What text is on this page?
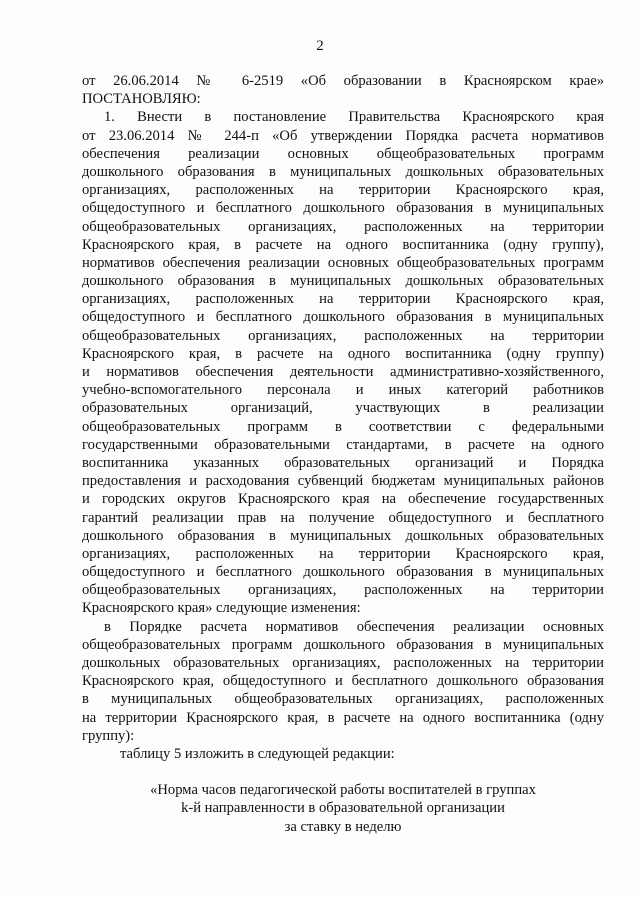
2
от 26.06.2014 № 6-2519 «Об образовании в Красноярском крае»
ПОСТАНОВЛЯЮ:
1. Внести в постановление Правительства Красноярского края
от 23.06.2014 № 244-п «Об утверждении Порядка расчета нормативов
обеспечения реализации основных общеобразовательных программ
дошкольного образования в муниципальных дошкольных образовательных
организациях, расположенных на территории Красноярского края,
общедоступного и бесплатного дошкольного образования в муниципальных
общеобразовательных организациях, расположенных на территории
Красноярского края, в расчете на одного воспитанника (одну группу),
нормативов обеспечения реализации основных общеобразовательных программ
дошкольного образования в муниципальных дошкольных образовательных
организациях, расположенных на территории Красноярского края,
общедоступного и бесплатного дошкольного образования в муниципальных
общеобразовательных организациях, расположенных на территории
Красноярского края, в расчете на одного воспитанника (одну группу)
и нормативов обеспечения деятельности административно-хозяйственного,
учебно-вспомогательного персонала и иных категорий работников
образовательных организаций, участвующих в реализации
общеобразовательных программ в соответствии с федеральными
государственными образовательными стандартами, в расчете на одного
воспитанника указанных образовательных организаций и Порядка
предоставления и расходования субвенций бюджетам муниципальных районов
и городских округов Красноярского края на обеспечение государственных
гарантий реализации прав на получение общедоступного и бесплатного
дошкольного образования в муниципальных дошкольных образовательных
организациях, расположенных на территории Красноярского края,
общедоступного и бесплатного дошкольного образования в муниципальных
общеобразовательных организациях, расположенных на территории
Красноярского края» следующие изменения:
в Порядке расчета нормативов обеспечения реализации основных
общеобразовательных программ дошкольного образования в муниципальных
дошкольных образовательных организациях, расположенных на территории
Красноярского края, общедоступного и бесплатного дошкольного образования
в муниципальных общеобразовательных организациях, расположенных
на территории Красноярского края, в расчете на одного воспитанника (одну
группу):
таблицу 5 изложить в следующей редакции:
«Норма часов педагогической работы воспитателей в группах
k-й направленности в образовательной организации
за ставку в неделю
